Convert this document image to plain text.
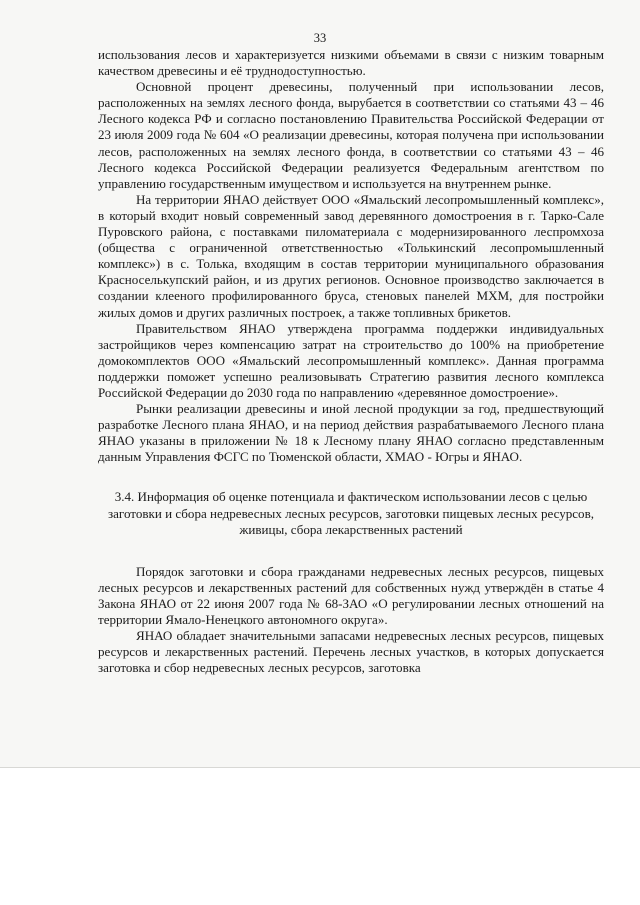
33

использования лесов и характеризуется низкими объемами в связи с низким товарным качеством древесины и её труднодоступностью.

Основной процент древесины, полученный при использовании лесов, расположенных на землях лесного фонда, вырубается в соответствии со статьями 43 – 46 Лесного кодекса РФ и согласно постановлению Правительства Российской Федерации от 23 июля 2009 года № 604 «О реализации древесины, которая получена при использовании лесов, расположенных на землях лесного фонда, в соответствии со статьями 43 – 46 Лесного кодекса Российской Федерации реализуется Федеральным агентством по управлению государственным имуществом и используется на внутреннем рынке.

На территории ЯНАО действует ООО «Ямальский лесопромышленный комплекс», в который входит новый современный завод деревянного домостроения в г. Тарко-Сале Пуровского района, с поставками пиломатериала с модернизированного леспромхоза (общества с ограниченной ответственностью «Толькинский лесопромышленный комплекс») в с. Толька, входящим в состав территории муниципального образования Красноселькупский район, и из других регионов. Основное производство заключается в создании клееного профилированного бруса, стеновых панелей МХМ, для постройки жилых домов и других различных построек, а также топливных брикетов.

Правительством ЯНАО утверждена программа поддержки индивидуальных застройщиков через компенсацию затрат на строительство до 100% на приобретение домокомплектов ООО «Ямальский лесопромышленный комплекс». Данная программа поддержки поможет успешно реализовывать Стратегию развития лесного комплекса Российской Федерации до 2030 года по направлению «деревянное домостроение».

Рынки реализации древесины и иной лесной продукции за год, предшествующий разработке Лесного плана ЯНАО, и на период действия разрабатываемого Лесного плана ЯНАО указаны в приложении № 18 к Лесному плану ЯНАО согласно представленным данным Управления ФСГС по Тюменской области, ХМАО - Югры и ЯНАО.

3.4. Информация об оценке потенциала и фактическом использовании лесов с целью заготовки и сбора недревесных лесных ресурсов, заготовки пищевых лесных ресурсов, живицы, сбора лекарственных растений

Порядок заготовки и сбора гражданами недревесных лесных ресурсов, пищевых лесных ресурсов и лекарственных растений для собственных нужд утверждён в статье 4 Закона ЯНАО от 22 июня 2007 года № 68-ЗАО «О регулировании лесных отношений на территории Ямало-Ненецкого автономного округа».

ЯНАО обладает значительными запасами недревесных лесных ресурсов, пищевых ресурсов и лекарственных растений. Перечень лесных участков, в которых допускается заготовка и сбор недревесных лесных ресурсов, заготовка
